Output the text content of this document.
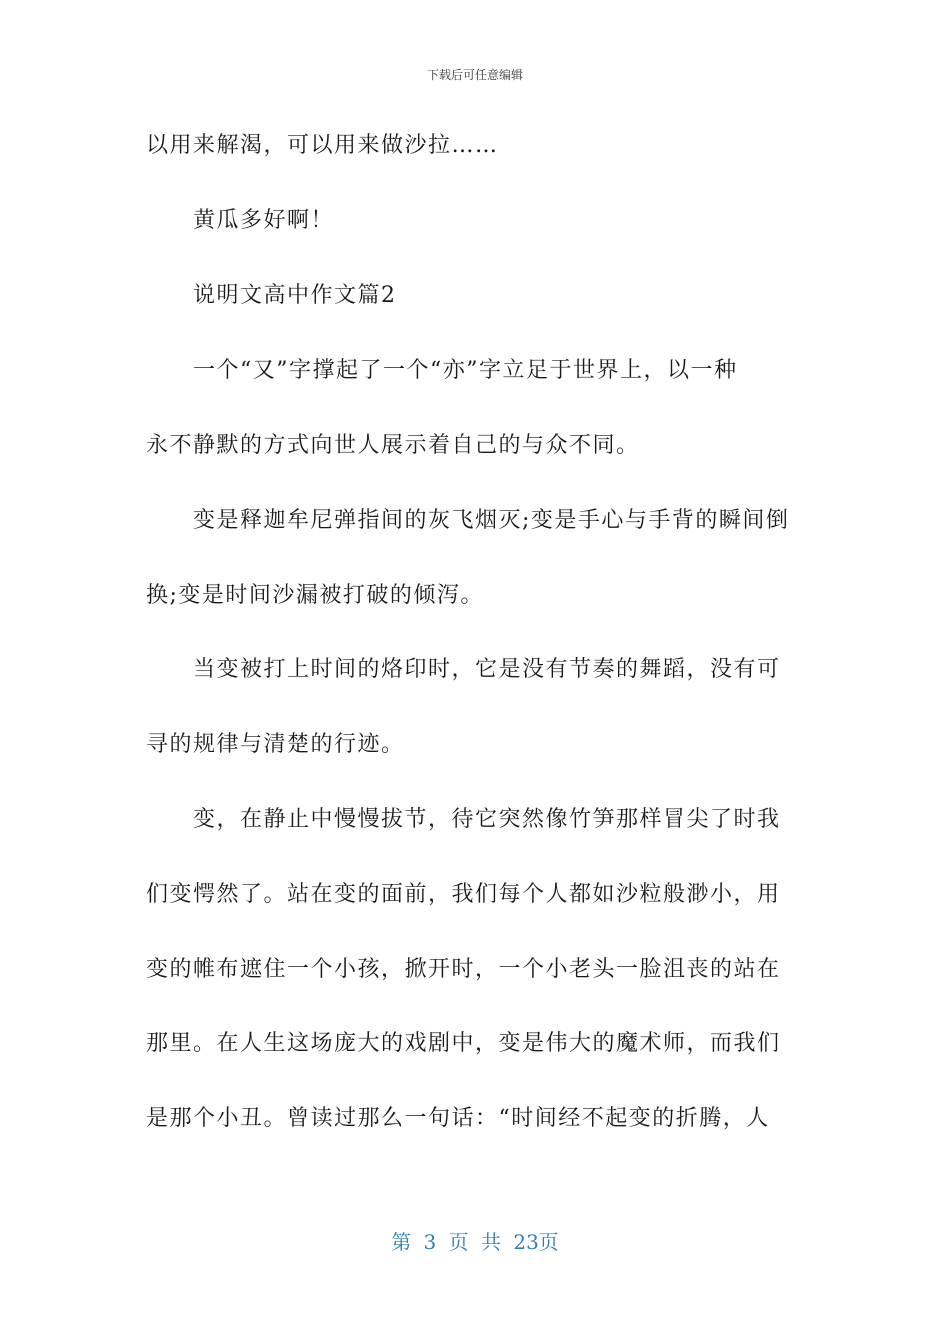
下载后可任意编辑
以用来解渴，可以用来做沙拉……
黄瓜多好啊！
说明文高中作文篇2
一个“又”字撑起了一个“亦”字立足于世界上，以一种
永不静默的方式向世人展示着自己的与众不同。
变是释迦牟尼弹指间的灰飞烟灭;变是手心与手背的瞬间倒
换;变是时间沙漏被打破的倾泻。
当变被打上时间的烙印时，它是没有节奏的舞蹈，没有可
寻的规律与清楚的行迹。
变，在静止中慢慢拔节，待它突然像竹笋那样冒尖了时我
们变愕然了。站在变的面前，我们每个人都如沙粒般渺小，用
变的帷布遮住一个小孩，掀开时，一个小老头一脸沮丧的站在
那里。在人生这场庞大的戏剧中，变是伟大的魔术师，而我们
是那个小丑。曾读过那么一句话：“时间经不起变的折腾，人
第 3 页 共 23页
